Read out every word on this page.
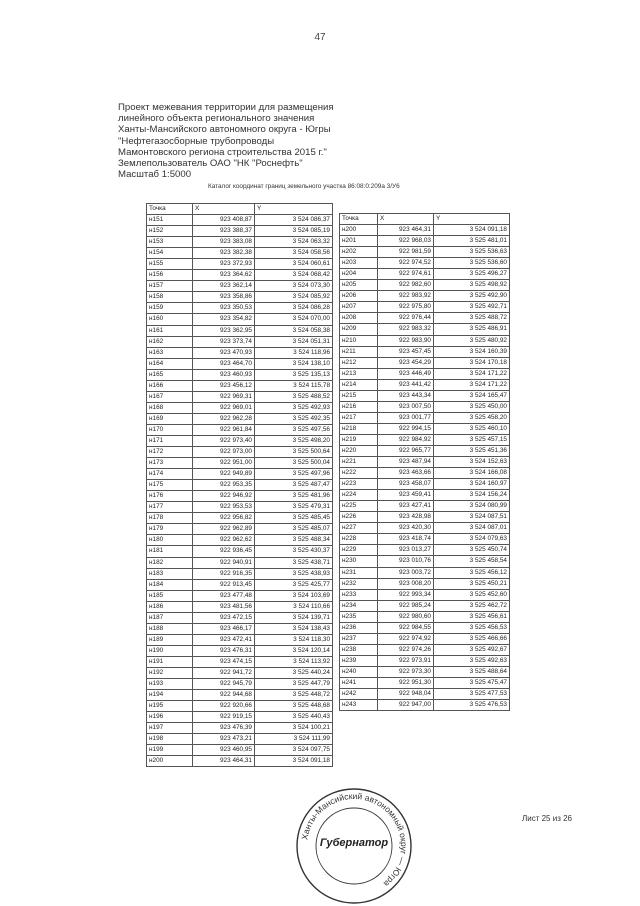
47
Проект межевания территории для размещения
линейного объекта регионального значения
Ханты-Мансийского автономного округа - Югры
"Нефтегазосборные трубопроводы
Мамонтовского региона строительства 2015 г."
Землепользователь ОАО "НК "Роснефть"
Масштаб 1:5000
Каталог координат границ земельного участка 86:08:0:209а 3/У6
Точка	X	Y
н151	923 408,87	3 524 086,37
н152	923 388,37	3 524 085,19
н153	923 383,08	3 524 063,32
н154	923 382,38	3 524 058,56
н155	923 372,93	3 524 060,61
н156	923 364,62	3 524 068,42
н157	923 362,14	3 524 073,30
н158	923 358,86	3 524 085,92
н159	923 350,53	3 524 086,28
н160	923 354,82	3 524 070,00
н161	923 362,95	3 524 058,38
н162	923 373,74	3 524 051,31
н163	923 470,93	3 524 118,96
н164	923 464,70	3 524 138,10
н165	923 460,93	3 525 135,13
н166	923 456,12	3 524 115,78
н167	922 969,31	3 525 488,52
н168	922 969,01	3 525 492,93
н169	922 962,28	3 525 492,35
н170	922 961,84	3 525 497,56
н171	922 973,40	3 525 498,20
н172	922 973,00	3 525 500,64
н173	922 951,00	3 525 500,04
н174	922 949,89	3 525 497,96
н175	922 953,35	3 525 487,47
н176	922 946,92	3 525 481,96
н177	922 953,53	3 525 479,31
н178	922 956,82	3 525 485,45
н179	922 962,89	3 525 485,07
н180	922 962,62	3 525 488,34
н181	922 936,45	3 525 430,37
н182	922 940,91	3 525 438,71
н183	922 916,35	3 525 438,93
н184	922 913,45	3 525 425,77
н185	923 477,48	3 524 103,69
н186	923 481,56	3 524 110,66
н187	923 472,15	3 524 139,71
н188	923 466,17	3 524 138,43
н189	923 472,41	3 524 118,30
н190	923 476,31	3 524 120,14
н191	923 474,15	3 524 113,92
н192	922 941,72	3 525 440,24
н193	922 945,79	3 525 447,79
н194	922 944,68	3 525 448,72
н195	922 920,66	3 525 448,68
н196	922 919,15	3 525 440,43
н197	923 476,39	3 524 100,21
н198	923 473,21	3 524 111,99
н199	923 460,95	3 524 097,75
н200	923 464,31	3 524 091,18
Точка	X	Y
н200	923 464,31	3 524 091,18
н201	922 968,03	3 525 481,01
н202	922 981,59	3 525 536,63
н203	922 974,52	3 525 536,60
н204	922 974,61	3 525 496,27
н205	922 982,60	3 525 498,92
н206	922 983,92	3 525 492,90
н207	922 975,80	3 525 492,71
н208	922 976,44	3 525 488,72
н209	922 983,32	3 525 486,91
н210	922 983,90	3 525 480,92
н211	923 457,45	3 524 160,39
н212	923 454,29	3 524 170,18
н213	923 446,49	3 524 171,22
н214	923 441,42	3 524 171,22
н215	923 443,34	3 524 165,47
н216	923 007,50	3 525 450,00
н217	923 001,77	3 525 458,20
н218	922 994,15	3 525 460,10
н219	922 984,92	3 525 457,15
н220	922 965,77	3 525 451,36
н221	923 487,94	3 524 152,63
н222	923 463,66	3 524 166,08
н223	923 458,07	3 524 160,97
н224	923 459,41	3 524 156,24
н225	923 427,41	3 524 080,99
н226	923 428,98	3 524 087,51
н227	923 420,30	3 524 087,01
н228	923 418,74	3 524 079,63
н229	923 013,27	3 525 450,74
н230	923 010,76	3 525 458,54
н231	923 003,72	3 525 456,12
н232	923 008,20	3 525 450,21
н233	922 993,34	3 525 452,60
н234	922 985,24	3 525 462,72
н235	922 980,60	3 525 456,61
н236	922 984,55	3 525 456,53
н237	922 974,92	3 525 466,66
н238	922 974,26	3 525 492,67
н239	922 973,91	3 525 492,63
н240	922 973,30	3 525 488,64
н241	922 951,30	3 525 475,47
н242	922 948,04	3 525 477,53
н243	922 947,00	3 525 476,53
Лист 25 из 26
Ханты-Мансийский автономный округ — Югра
Губернатор
